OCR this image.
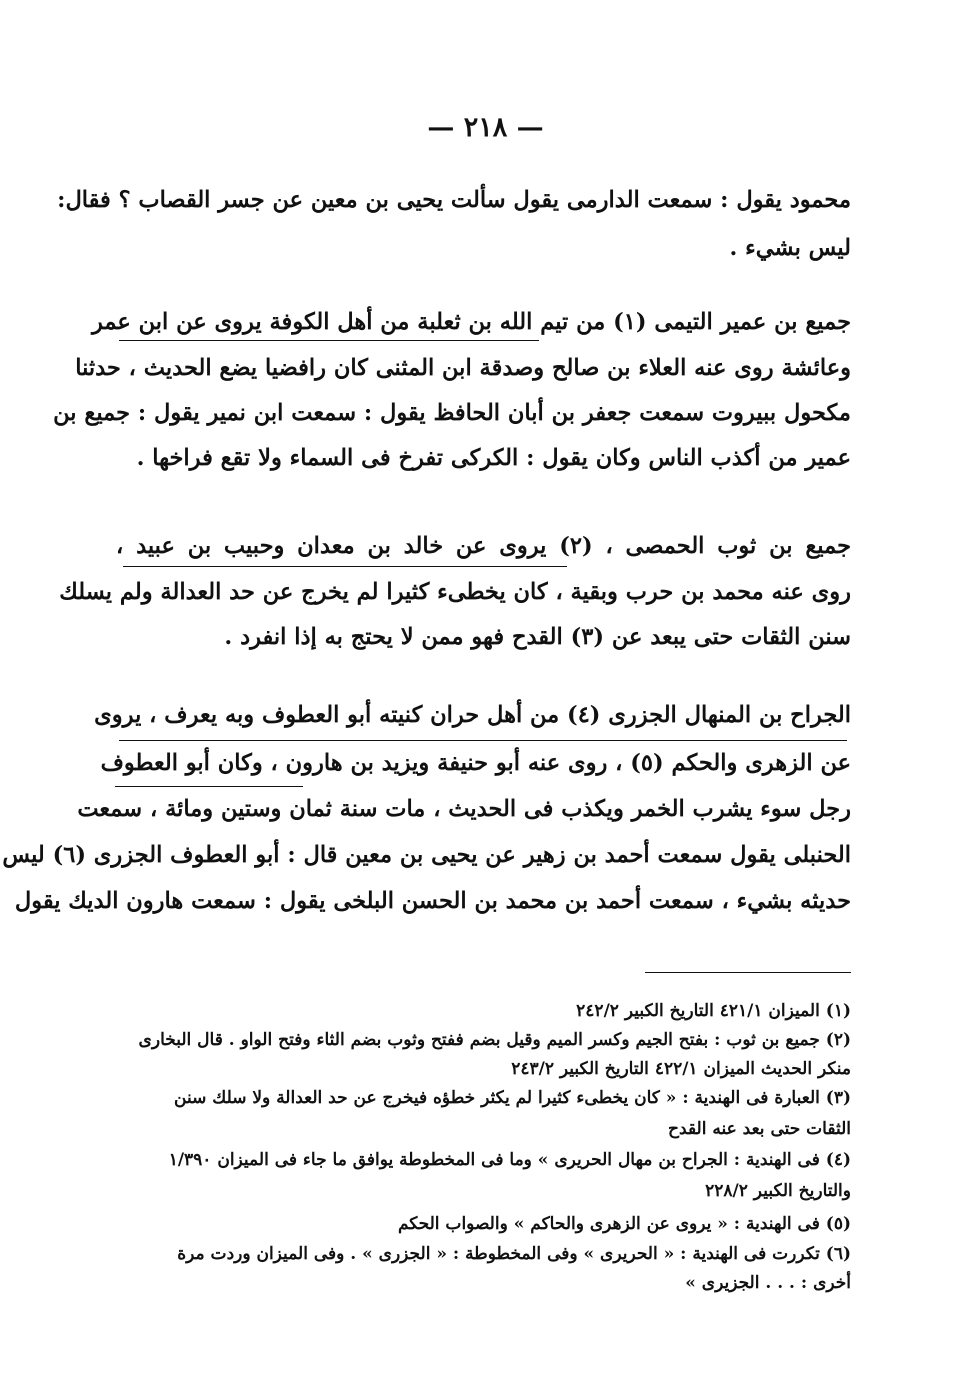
— ٢١٨ —
محمود يقول : سمعت الدارمى يقول سألت يحيى بن معين عن جسر القصاب ؟ فقال:
ليس بشيء .
جميع بن عمير التيمى (١) من تيم الله بن ثعلبة من أهل الكوفة يروى عن ابن عمر
وعائشة روى عنه العلاء بن صالح وصدقة ابن المثنى كان رافضيا يضع الحديث ، حدثنا
مكحول ببيروت سمعت جعفر بن أبان الحافظ يقول : سمعت ابن نمير يقول : جميع بن
عمير من أكذب الناس وكان يقول : الكركى تفرخ فى السماء ولا تقع فراخها .
جميع بن ثوب الحمصى ، (٢) يروى عن خالد بن معدان وحبيب بن عبيد ،
روى عنه محمد بن حرب وبقية ، كان يخطىء كثيرا لم يخرج عن حد العدالة ولم يسلك
سنن الثقات حتى يبعد عن (٣) القدح فهو ممن لا يحتج به إذا انفرد .
الجراح بن المنهال الجزرى (٤) من أهل حران كنيته أبو العطوف وبه يعرف ، يروى
عن الزهرى والحكم (٥) ، روى عنه أبو حنيفة ويزيد بن هارون ، وكان أبو العطوف
رجل سوء يشرب الخمر ويكذب فى الحديث ، مات سنة ثمان وستين ومائة ، سمعت
الحنبلى يقول سمعت أحمد بن زهير عن يحيى بن معين قال : أبو العطوف الجزرى (٦) ليس
حديثه بشيء ، سمعت أحمد بن محمد بن الحسن البلخى يقول : سمعت هارون الديك يقول
(١) الميزان ٤٢١/١ التاريخ الكبير ٢٤٢/٢
(٢) جميع بن ثوب : بفتح الجيم وكسر الميم وقيل بضم ففتح وثوب بضم الثاء وفتح الواو . قال البخارى
منكر الحديث الميزان ٤٢٢/١ التاريخ الكبير ٢٤٣/٢
(٣) العبارة فى الهندية : « كان يخطىء كثيرا لم يكثر خطؤه فيخرج عن حد العدالة ولا سلك سنن
الثقات حتى بعد عنه القدح
(٤) فى الهندية : الجراح بن مهال الحريرى » وما فى المخطوطة يوافق ما جاء فى الميزان ١/٣٩٠
والتاريخ الكبير ٢٢٨/٢
(٥) فى الهندية : « يروى عن الزهرى والحاكم » والصواب الحكم
(٦) تكررت فى الهندية : « الحريرى » وفى المخطوطة : « الجزرى » . وفى الميزان وردت مرة
أخرى : . . . الجزيرى »
